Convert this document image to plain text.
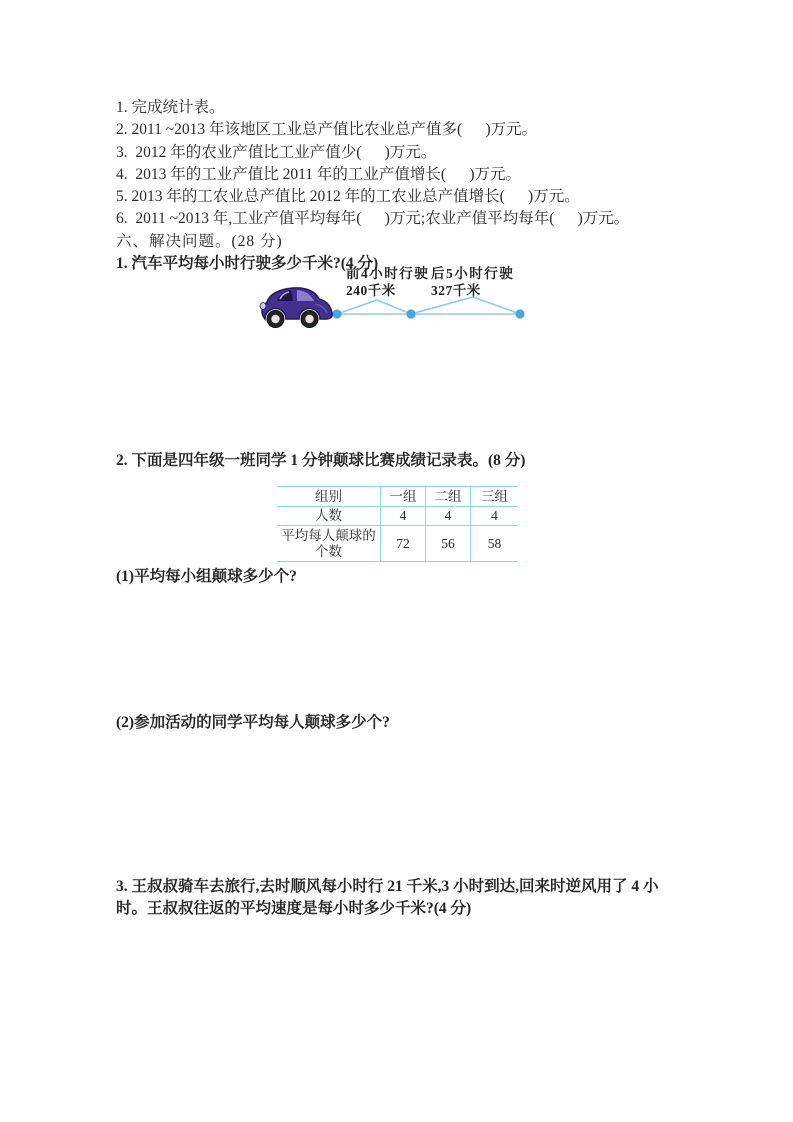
1. 完成统计表。
2. 2011 ~2013 年该地区工业总产值比农业总产值多(      )万元。
3.  2012 年的农业产值比工业产值少(      )万元。
4.  2013 年的工业产值比 2011 年的工业产值增长(      )万元。
5. 2013 年的工农业总产值比 2012 年的工农业总产值增长(      )万元。
6.  2011 ~2013 年,工业产值平均每年(      )万元;农业产值平均每年(      )万元。
六、解决问题。(28 分)
1. 汽车平均每小时行驶多少千米?(4 分)
前4小时行驶
240千米
后5小时行驶
327千米
2. 下面是四年级一班同学 1 分钟颠球比赛成绩记录表。(8 分)
组别	一组	二组	三组
人数	4	4	4
平均每人颠球的个数	72	56	58
(1)平均每小组颠球多少个?
(2)参加活动的同学平均每人颠球多少个?
3. 王叔叔骑车去旅行,去时顺风每小时行 21 千米,3 小时到达,回来时逆风用了 4 小时。王叔叔往返的平均速度是每小时多少千米?(4 分)
